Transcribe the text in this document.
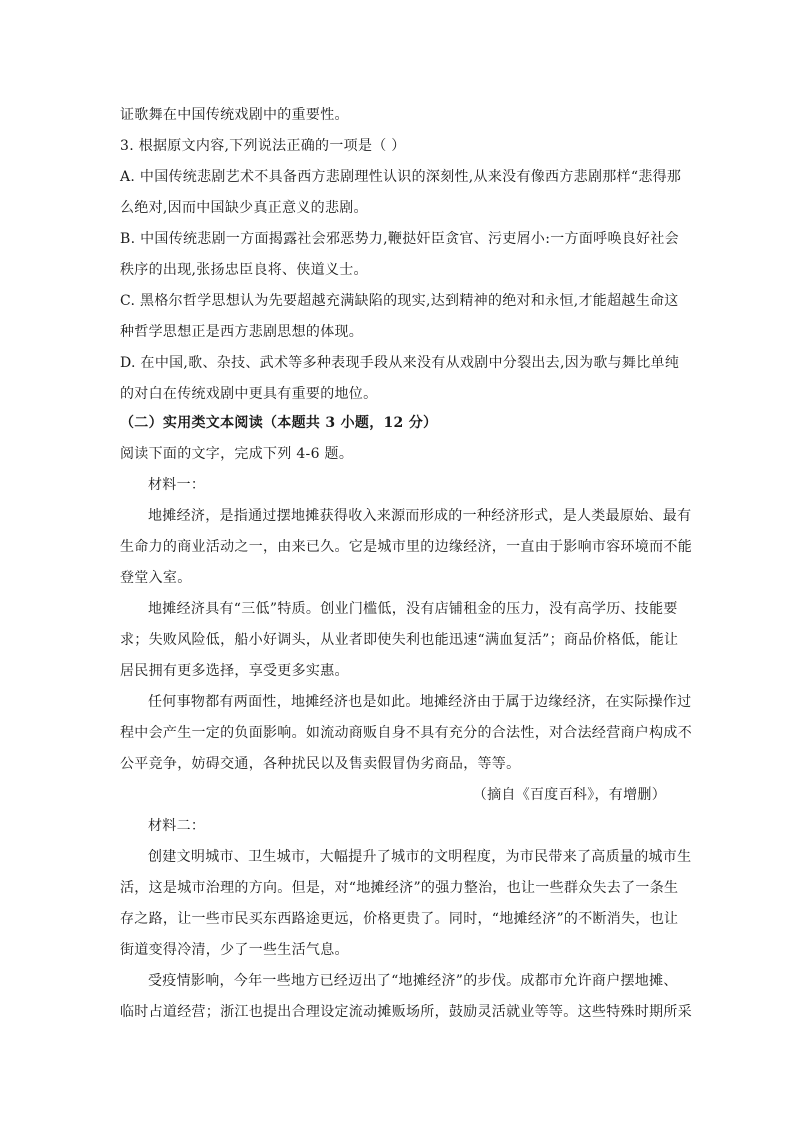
证歌舞在中国传统戏剧中的重要性。
3. 根据原文内容,下列说法正确的一项是（ ）
A. 中国传统悲剧艺术不具备西方悲剧理性认识的深刻性,从来没有像西方悲剧那样“悲得那
么绝对,因而中国缺少真正意义的悲剧。
B. 中国传统悲剧一方面揭露社会邪恶势力,鞭挞奸臣贪官、污吏屑小:一方面呼唤良好社会
秩序的出现,张扬忠臣良将、侠道义士。
C. 黑格尔哲学思想认为先要超越充满缺陷的现实,达到精神的绝对和永恒,才能超越生命这
种哲学思想正是西方悲剧思想的体现。
D. 在中国,歌、杂技、武术等多种表现手段从来没有从戏剧中分裂出去,因为歌与舞比单纯
的对白在传统戏剧中更具有重要的地位。
（二）实用类文本阅读（本题共 3 小题，12 分）
阅读下面的文字，完成下列 4-6 题。
材料一：
地摊经济，是指通过摆地摊获得收入来源而形成的一种经济形式，是人类最原始、最有
生命力的商业活动之一，由来已久。它是城市里的边缘经济，一直由于影响市容环境而不能
登堂入室。
地摊经济具有“三低”特质。创业门槛低，没有店铺租金的压力，没有高学历、技能要
求；失败风险低，船小好调头，从业者即使失利也能迅速“满血复活”；商品价格低，能让
居民拥有更多选择，享受更多实惠。
任何事物都有两面性，地摊经济也是如此。地摊经济由于属于边缘经济，在实际操作过
程中会产生一定的负面影响。如流动商贩自身不具有充分的合法性，对合法经营商户构成不
公平竞争，妨碍交通，各种扰民以及售卖假冒伪劣商品，等等。
（摘自《百度百科》，有增删）
材料二：
创建文明城市、卫生城市，大幅提升了城市的文明程度，为市民带来了高质量的城市生
活，这是城市治理的方向。但是，对“地摊经济”的强力整治，也让一些群众失去了一条生
存之路，让一些市民买东西路途更远，价格更贵了。同时，“地摊经济”的不断消失，也让
街道变得冷清，少了一些生活气息。
受疫情影响，今年一些地方已经迈出了“地摊经济”的步伐。成都市允许商户摆地摊、
临时占道经营；浙江也提出合理设定流动摊贩场所，鼓励灵活就业等等。这些特殊时期所采
